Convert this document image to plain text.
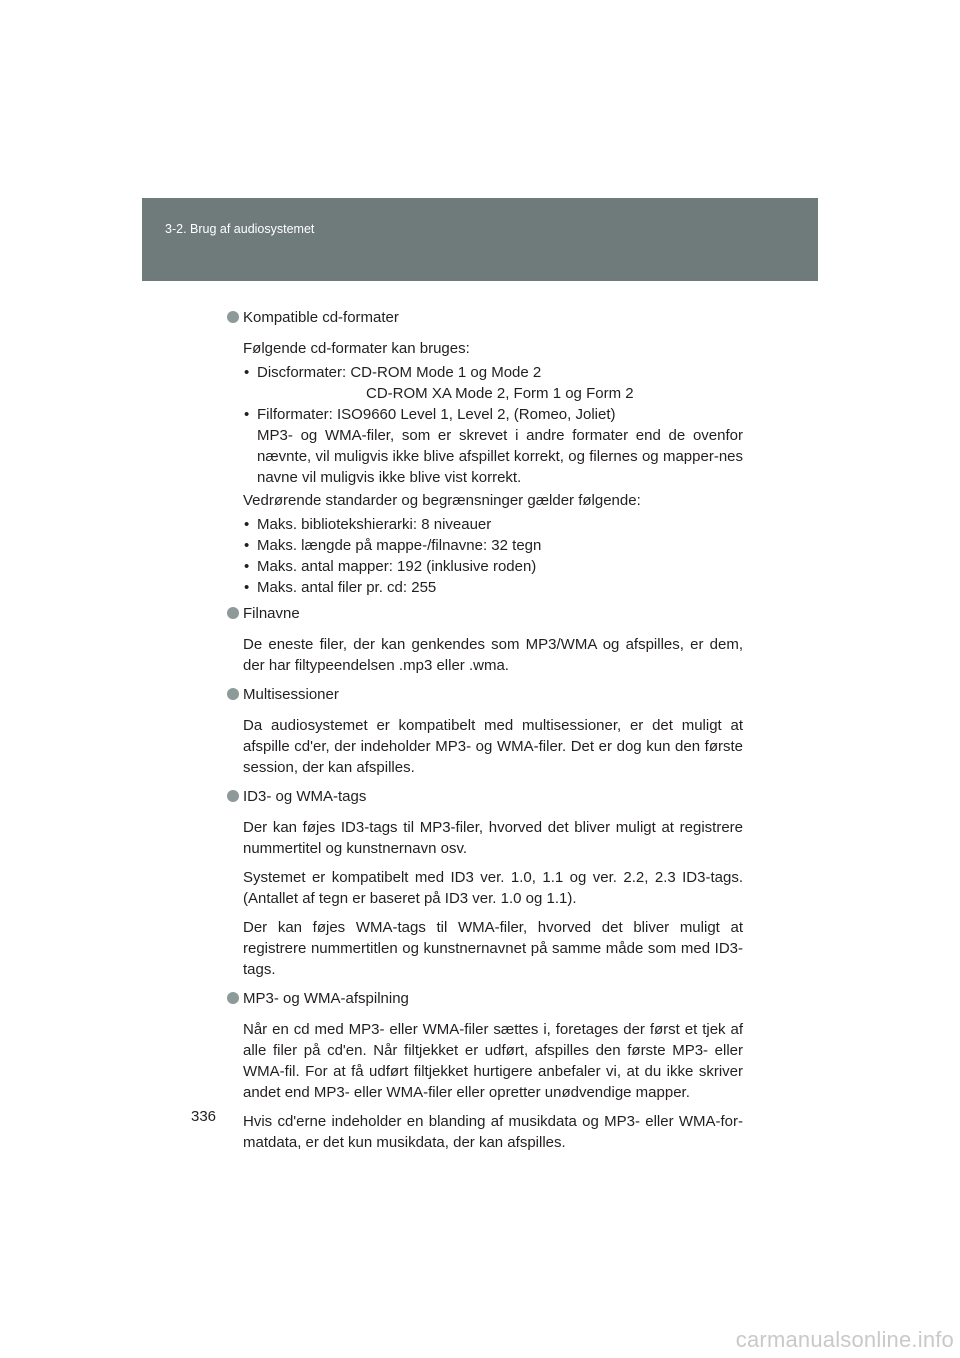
3-2. Brug af audiosystemet

Kompatible cd-formater

Følgende cd-formater kan bruges:

• Discformater: CD-ROM Mode 1 og Mode 2
CD-ROM XA Mode 2, Form 1 og Form 2
• Filformater: ISO9660 Level 1, Level 2, (Romeo, Joliet)
MP3- og WMA-filer, som er skrevet i andre formater end de ovenfor nævnte, vil muligvis ikke blive afspillet korrekt, og filernes og mapper-nes navne vil muligvis ikke blive vist korrekt.

Vedrørende standarder og begrænsninger gælder følgende:

• Maks. bibliotekshierarki: 8 niveauer
• Maks. længde på mappe-/filnavne: 32 tegn
• Maks. antal mapper: 192 (inklusive roden)
• Maks. antal filer pr. cd: 255

Filnavne

De eneste filer, der kan genkendes som MP3/WMA og afspilles, er dem, der har filtypeendelsen .mp3 eller .wma.

Multisessioner

Da audiosystemet er kompatibelt med multisessioner, er det muligt at afspille cd'er, der indeholder MP3- og WMA-filer. Det er dog kun den første session, der kan afspilles.

ID3- og WMA-tags

Der kan føjes ID3-tags til MP3-filer, hvorved det bliver muligt at registrere nummertitel og kunstnernavn osv.

Systemet er kompatibelt med ID3 ver. 1.0, 1.1 og ver. 2.2, 2.3 ID3-tags. (Antallet af tegn er baseret på ID3 ver. 1.0 og 1.1).

Der kan føjes WMA-tags til WMA-filer, hvorved det bliver muligt at registrere nummertitlen og kunstnernavnet på samme måde som med ID3-tags.

MP3- og WMA-afspilning

Når en cd med MP3- eller WMA-filer sættes i, foretages der først et tjek af alle filer på cd'en. Når filtjekket er udført, afspilles den første MP3- eller WMA-fil. For at få udført filtjekket hurtigere anbefaler vi, at du ikke skriver andet end MP3- eller WMA-filer eller opretter unødvendige mapper.

Hvis cd'erne indeholder en blanding af musikdata og MP3- eller WMA-for-matdata, er det kun musikdata, der kan afspilles.

336
carmanualsonline.info
